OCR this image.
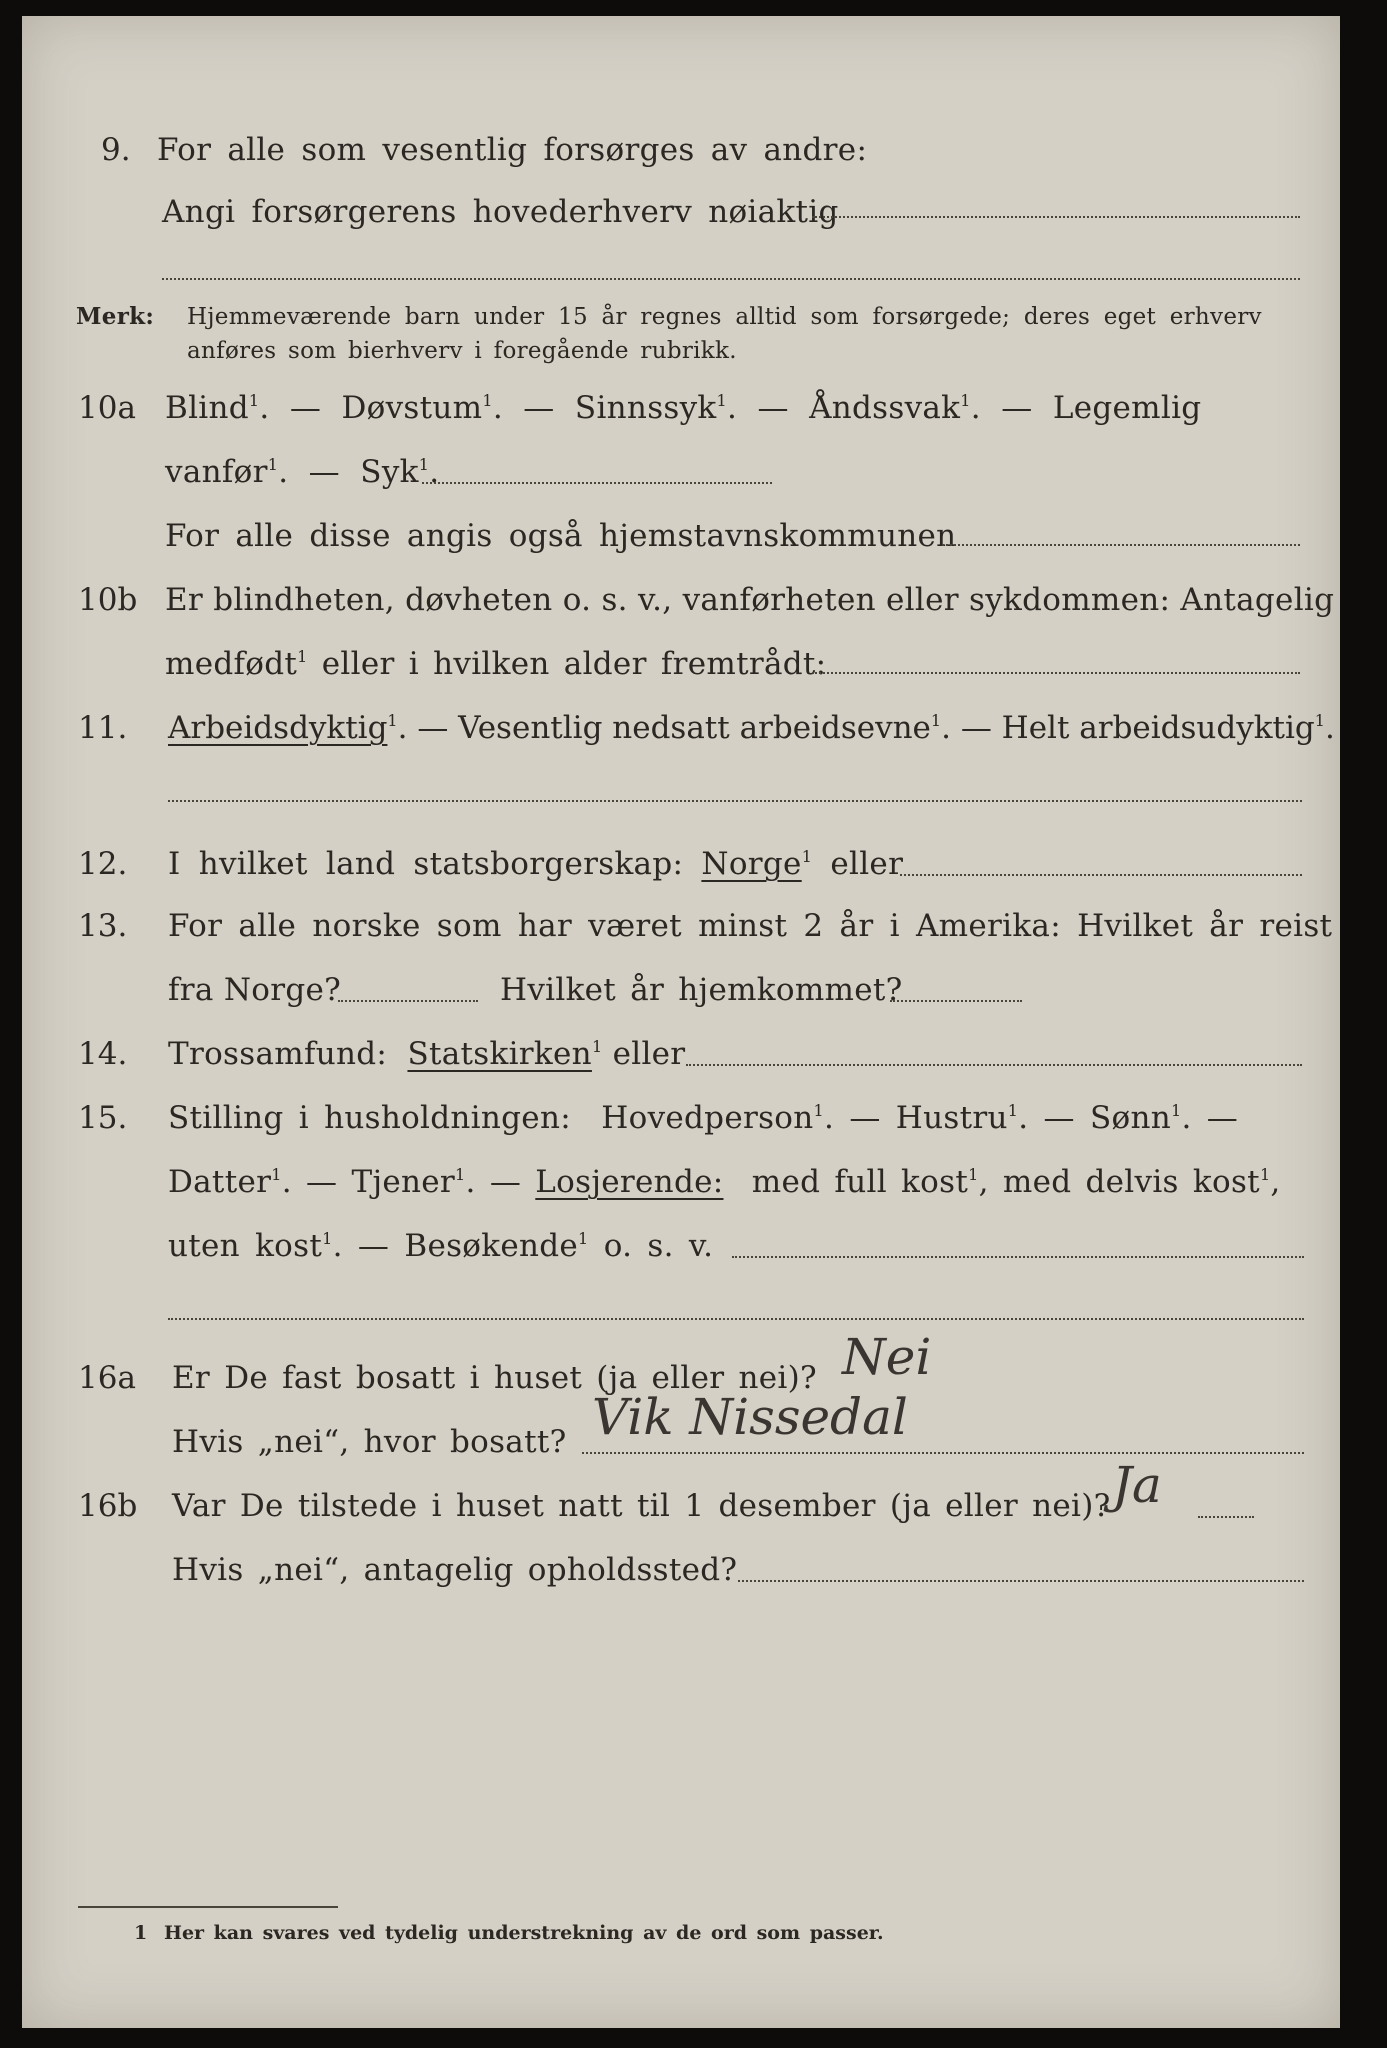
9. For alle som vesentlig forsørges av andre:
Angi forsørgerens hovederhverv nøiaktig
Merk: Hjemmeværende barn under 15 år regnes alltid som forsørgede; deres eget erhverv
anføres som bierhverv i foregående rubrikk.
10a Blind$^1$.  —  Døvstum$^1$.  —  Sinnssyk$^1$.  —  Åndssvak$^1$.  —  Legemlig
vanfør$^1$.  —  Syk$^1$.
For alle disse angis også hjemstavnskommunen
10b Er blindheten, døvheten o. s. v., vanførheten eller sykdommen: Antagelig
medfødt$^1$ eller i hvilken alder fremtrådt:
11. Arbeidsdyktig$^1$. — Vesentlig nedsatt arbeidsevne$^1$. — Helt arbeidsudyktig$^1$.
12. I hvilket land statsborgerskap: Norge$^1$ eller
13. For alle norske som har været minst 2 år i Amerika: Hvilket år reist
fra Norge?	Hvilket år hjemkommet?
14. Trossamfund: Statskirken$^1$ eller
15. Stilling i husholdningen: Hovedperson$^1$. — Hustru$^1$. — Sønn$^1$. —
Datter$^1$. — Tjener$^1$. — Losjerende: med full kost$^1$, med delvis kost$^1$,
uten kost$^1$. — Besøkende$^1$ o. s. v.
16a Er De fast bosatt i huset (ja eller nei)? Nei
Hvis „nei“, hvor bosatt? Vik Nissedal
16b Var De tilstede i huset natt til 1 desember (ja eller nei)? Ja
Hvis „nei“, antagelig opholdssted?
1 Her kan svares ved tydelig understrekning av de ord som passer.
